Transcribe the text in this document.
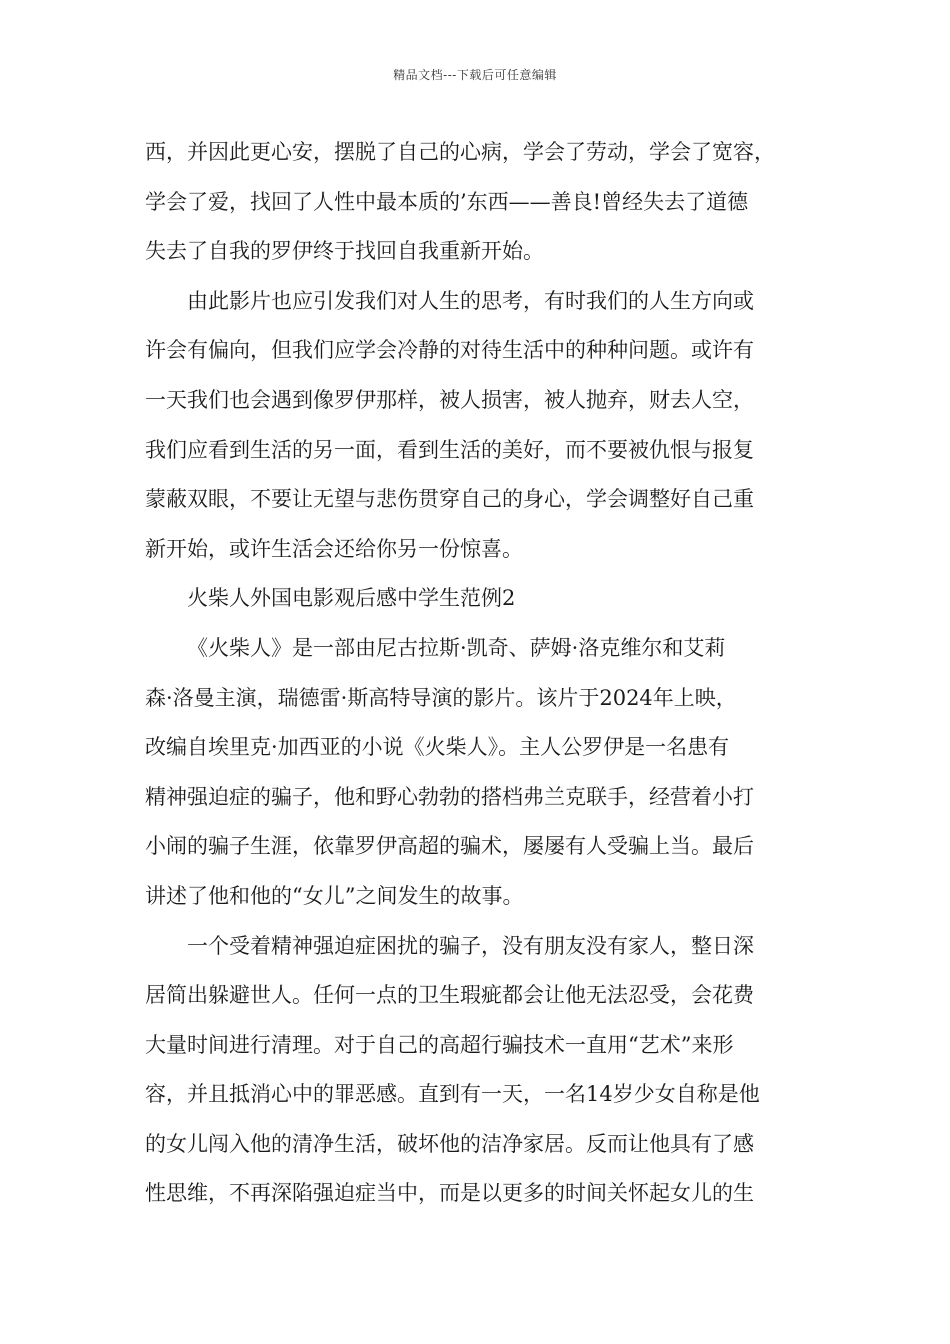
精品文档---下载后可任意编辑
西，并因此更心安，摆脱了自己的心病，学会了劳动，学会了宽容，
学会了爱，找回了人性中最本质的’东西——善良!曾经失去了道德
失去了自我的罗伊终于找回自我重新开始。
由此影片也应引发我们对人生的思考，有时我们的人生方向或
许会有偏向，但我们应学会冷静的对待生活中的种种问题。或许有
一天我们也会遇到像罗伊那样，被人损害，被人抛弃，财去人空，
我们应看到生活的另一面，看到生活的美好，而不要被仇恨与报复
蒙蔽双眼，不要让无望与悲伤贯穿自己的身心，学会调整好自己重
新开始，或许生活会还给你另一份惊喜。
火柴人外国电影观后感中学生范例2
《火柴人》是一部由尼古拉斯·凯奇、萨姆·洛克维尔和艾莉
森·洛曼主演，瑞德雷·斯高特导演的影片。该片于2024年上映，
改编自埃里克·加西亚的小说《火柴人》。主人公罗伊是一名患有
精神强迫症的骗子，他和野心勃勃的搭档弗兰克联手，经营着小打
小闹的骗子生涯，依靠罗伊高超的骗术，屡屡有人受骗上当。最后
讲述了他和他的“女儿”之间发生的故事。
一个受着精神强迫症困扰的骗子，没有朋友没有家人，整日深
居简出躲避世人。任何一点的卫生瑕疵都会让他无法忍受，会花费
大量时间进行清理。对于自己的高超行骗技术一直用“艺术”来形
容，并且抵消心中的罪恶感。直到有一天，一名14岁少女自称是他
的女儿闯入他的清净生活，破坏他的洁净家居。反而让他具有了感
性思维，不再深陷强迫症当中，而是以更多的时间关怀起女儿的生
